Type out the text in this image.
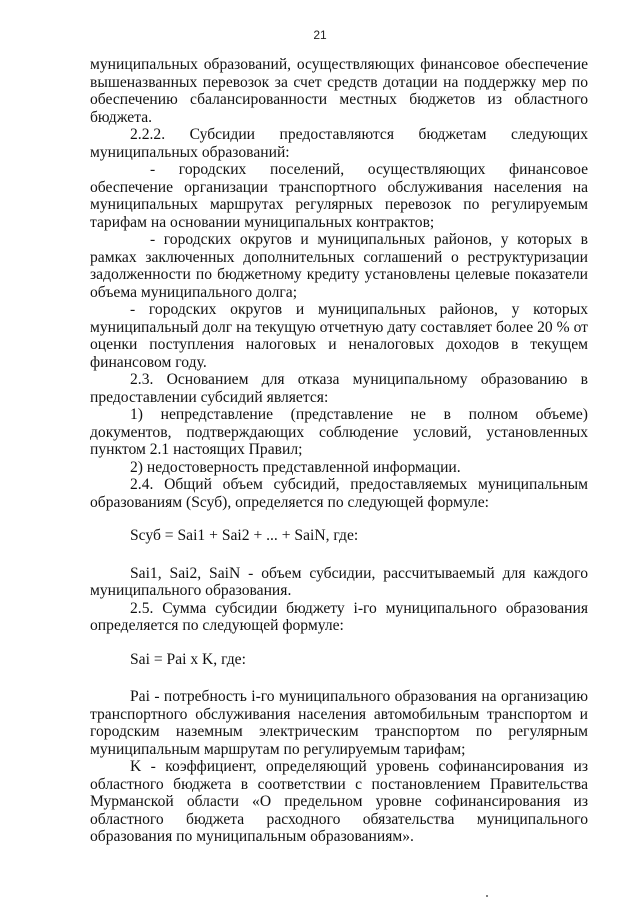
21

муниципальных образований, осуществляющих финансовое обеспечение вышеназванных перевозок за счет средств дотации на поддержку мер по обеспечению сбалансированности местных бюджетов из областного бюджета.

2.2.2. Субсидии предоставляются бюджетам следующих муниципальных образований:

- городских поселений, осуществляющих финансовое обеспечение организации транспортного обслуживания населения на муниципальных маршрутах регулярных перевозок по регулируемым тарифам на основании муниципальных контрактов;

- городских округов и муниципальных районов, у которых в рамках заключенных дополнительных соглашений о реструктуризации задолженности по бюджетному кредиту установлены целевые показатели объема муниципального долга;

- городских округов и муниципальных районов, у которых муниципальный долг на текущую отчетную дату составляет более 20 % от оценки поступления налоговых и неналоговых доходов в текущем финансовом году.

2.3. Основанием для отказа муниципальному образованию в предоставлении субсидий является:

1) непредставление (представление не в полном объеме) документов, подтверждающих соблюдение условий, установленных пунктом 2.1 настоящих Правил;

2) недостоверность представленной информации.

2.4. Общий объем субсидий, предоставляемых муниципальным образованиям (Sсуб), определяется по следующей формуле:

Sсуб = Sai1 + Sai2 + ... + SaiN, где:

Sai1, Sai2, SaiN - объем субсидии, рассчитываемый для каждого муниципального образования.

2.5. Сумма субсидии бюджету i-го муниципального образования определяется по следующей формуле:

Sai = Pai x K, где:

Pai - потребность i-го муниципального образования на организацию транспортного обслуживания населения автомобильным транспортом и городским наземным электрическим транспортом по регулярным муниципальным маршрутам по регулируемым тарифам;

K - коэффициент, определяющий уровень софинансирования из областного бюджета в соответствии с постановлением Правительства Мурманской области «О предельном уровне софинансирования из областного бюджета расходного обязательства муниципального образования по муниципальным образованиям».
